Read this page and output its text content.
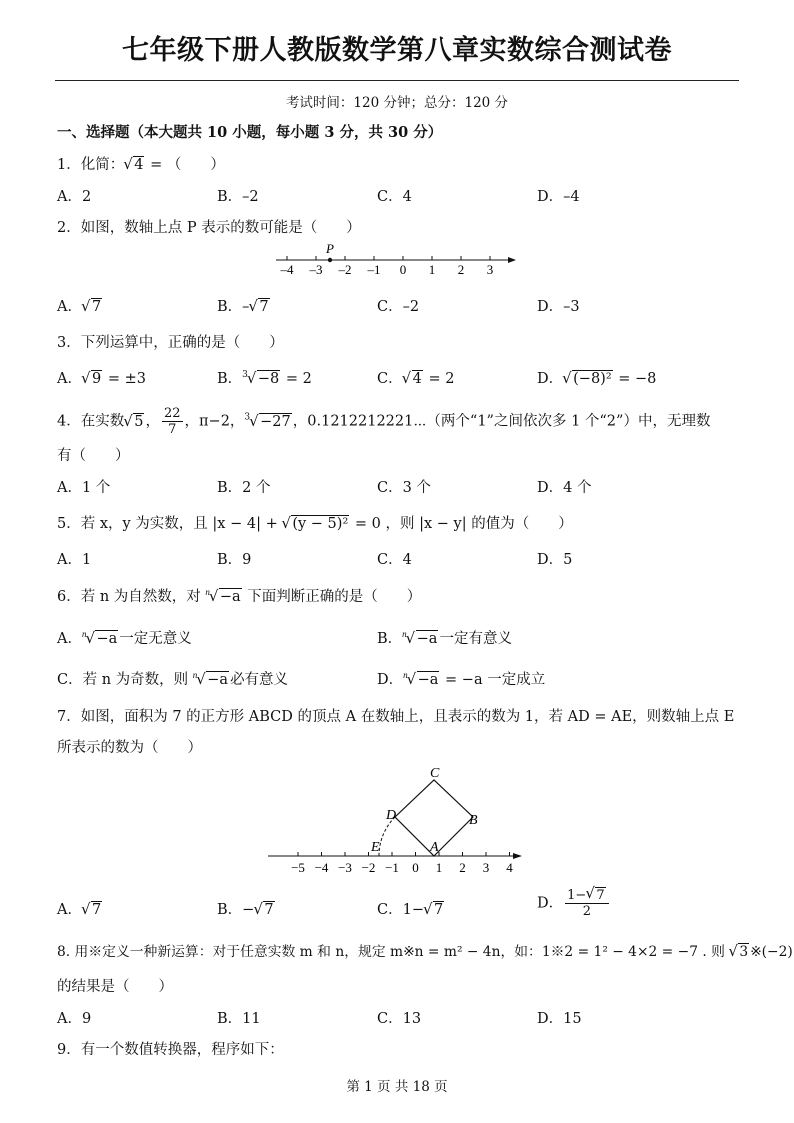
七年级下册人教版数学第八章实数综合测试卷
考试时间：120 分钟；总分：120 分
一、选择题（本大题共 10 小题，每小题 3 分，共 30 分）
1．化简： √ 4 = （　　）
A．2	B．–2	C．4	D．–4
2．如图，数轴上点 P 表示的数可能是（　　）
–4 –3 –2 –1 0 1 2 3
P
A． √ 7	B．– √ 7	C．–2	D．–3
3．下列运算中，正确的是（　　）
A． √ 9 = ±3	B．$^3$ √ −8 = 2	C． √ 4 = 2	D． √ (−8)² = −8
4．在实数 √ 5 ， $\frac{22}{7}$ ，π−2，$^3$ √ −27 ，0.1212212221⋯（两个“1”之间依次多 1 个“2”）中，无理数
有（　　）
A．1 个	B．2 个	C．3 个	D．4 个
5．若 x，y 为实数，且 |x − 4| + √ (y − 5)² = 0 ，则 |x − y| 的值为（　　）
A．1	B．9	C．4	D．5
6．若 n 为自然数，对 $^n$ √ −a 下面判断正确的是（　　）
A．$^n$ √ −a 一定无意义	B．$^n$ √ −a 一定有意义
C．若 n 为奇数，则 $^n$ √ −a 必有意义	D．$^n$ √ −a = −a 一定成立
7．如图，面积为 7 的正方形 ABCD 的顶点 A 在数轴上，且表示的数为 1，若 AD = AE，则数轴上点 E
所表示的数为（　　）
−5 −4 −3 −2 −1 0 1 2 3 4
C
D	B
E	A
A． √ 7	B．− √ 7	C．1− √ 7	D． $\frac{1- √ 7}{2}$
8. 用※定义一种新运算：对于任意实数 m 和 n，规定 m※n = m² − 4n，如：1※2 = 1² − 4×2 = −7 . 则 √ 3 ※(−2)
的结果是（　　）
A．9	B．11	C．13	D．15
9．有一个数值转换器，程序如下：
第 1 页 共 18 页
